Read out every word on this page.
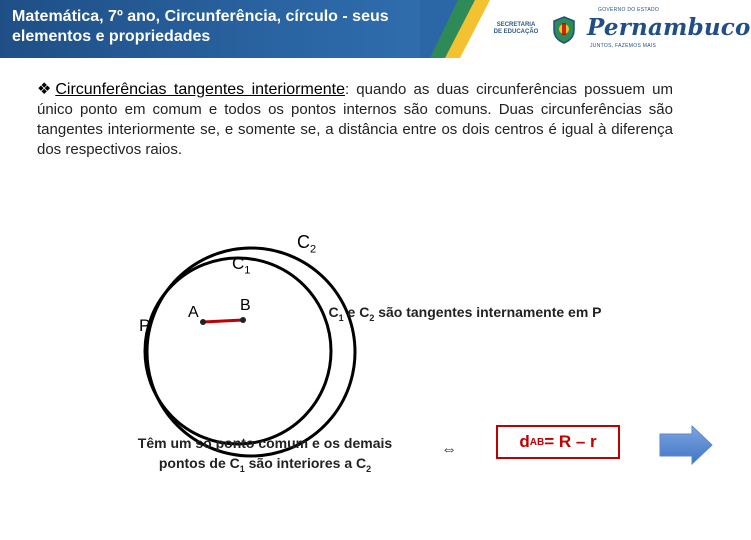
Matemática, 7º ano, Circunferência, círculo - seus elementos e propriedades
SECRETARIA DE EDUCAÇÃO
GOVERNO DO ESTADO
Pernambuco
JUNTOS, FAZEMOS MAIS
❖Circunferências tangentes interiormente: quando as duas circunferências possuem um único ponto em comum e todos os pontos internos são comuns. Duas circunferências são tangentes interiormente se, e somente se, a distância entre os dois centros é igual à diferença dos respectivos raios.
$C_2$
$C_1$
P
A	B	$C_1$ e $C_2$ são tangentes internamente em P
Têm um só ponto comum e os demais
pontos de $C_1$ são interiores a $C_2$
⇔	d AB = R – r
